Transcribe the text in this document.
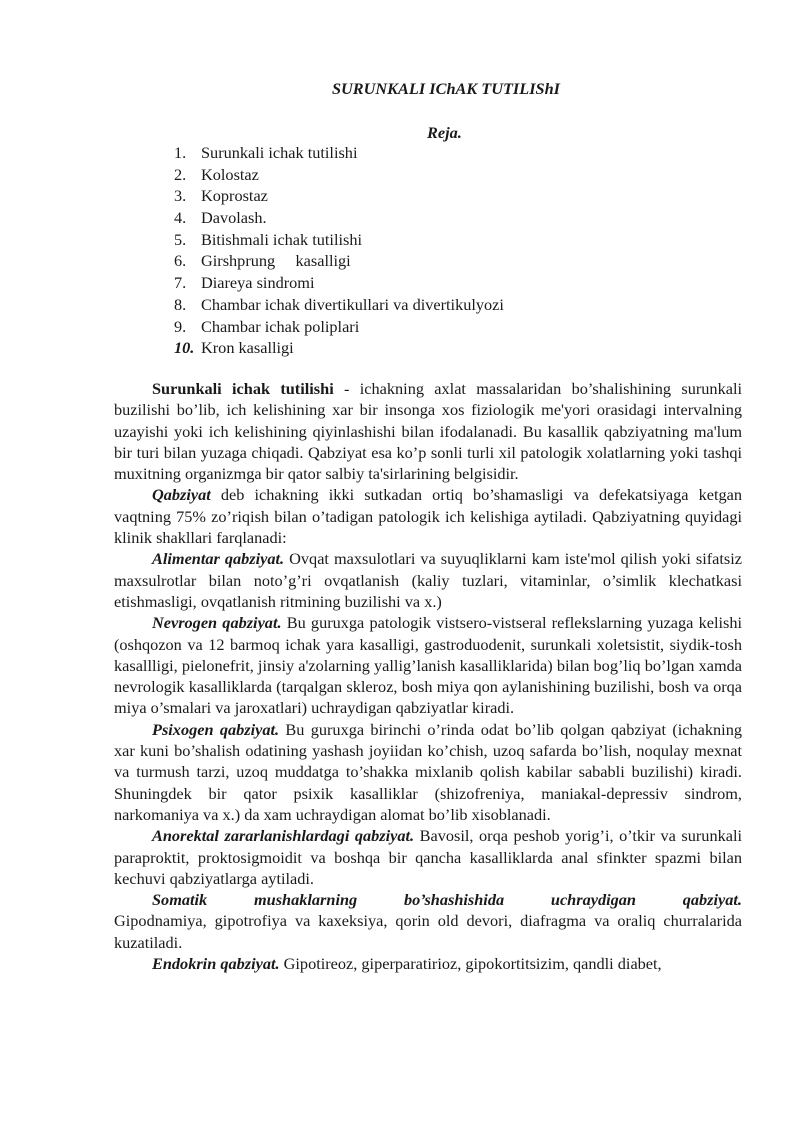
SURUNKALI IChAK TUTILIShI
Reja.
1. Surunkali ichak tutilishi
2. Kolostaz
3. Koprostaz
4. Davolash.
5. Bitishmali ichak tutilishi
6. Girshprung     kasalligi
7. Diareya sindromi
8. Chambar ichak divertikullari va divertikulyozi
9. Chambar ichak poliplari
10. Kron kasalligi

Surunkali ichak tutilishi - ichakning axlat massalaridan bo’shalishining surunkali buzilishi bo’lib, ich kelishining xar bir insonga xos fiziologik me'yori orasidagi intervalning uzayishi yoki ich kelishining qiyinlashishi bilan ifodalanadi. Bu kasallik qabziyatning ma'lum bir turi bilan yuzaga chiqadi. Qabziyat esa ko’p sonli turli xil patologik xolatlarning yoki tashqi muxitning organizmga bir qator salbiy ta'sirlarining belgisidir.

Qabziyat deb ichakning ikki sutkadan ortiq bo’shamasligi va defekatsiyaga ketgan vaqtning 75% zo’riqish bilan o’tadigan patologik ich kelishiga aytiladi. Qabziyatning quyidagi klinik shakllari farqlanadi:

Alimentar qabziyat. Ovqat maxsulotlari va suyuqliklarni kam iste'mol qilish yoki sifatsiz maxsulrotlar bilan noto’g’ri ovqatlanish (kaliy tuzlari, vitaminlar, o’simlik klechatkasi etishmasligi, ovqatlanish ritmining buzilishi va x.)

Nevrogen qabziyat. Bu guruxga patologik vistsero-vistseral reflekslarning yuzaga kelishi (oshqozon va 12 barmoq ichak yara kasalligi, gastroduodenit, surunkali xoletsistit, siydik-tosh kasallligi, pielonefrit, jinsiy a'zolarning yallig’lanish kasalliklarida) bilan bog’liq bo’lgan xamda nevrologik kasalliklarda (tarqalgan skleroz, bosh miya qon aylanishining buzilishi, bosh va orqa miya o’smalari va jaroxatlari) uchraydigan qabziyatlar kiradi.

Psixogen qabziyat. Bu guruxga birinchi o’rinda odat bo’lib qolgan qabziyat (ichakning xar kuni bo’shalish odatining yashash joyiidan ko’chish, uzoq safarda bo’lish, noqulay mexnat va turmush tarzi, uzoq muddatga to’shakka mixlanib qolish kabilar sababli buzilishi) kiradi. Shuningdek bir qator psixik kasalliklar (shizofreniya, maniakal-depressiv sindrom, narkomaniya va x.) da xam uchraydigan alomat bo’lib xisoblanadi.

Anorektal zararlanishlardagi qabziyat. Bavosil, orqa peshob yorig’i, o’tkir va surunkali paraproktit, proktosigmoidit va boshqa bir qancha kasalliklarda anal sfinkter spazmi bilan kechuvi qabziyatlarga aytiladi.

Somatik mushaklarning bo’shashishida uchraydigan qabziyat. Gipodnamiya, gipotrofiya va kaxeksiya, qorin old devori, diafragma va oraliq churralarida kuzatiladi.

Endokrin qabziyat. Gipotireoz, giperparatirioz, gipokortitsizim, qandli diabet,
